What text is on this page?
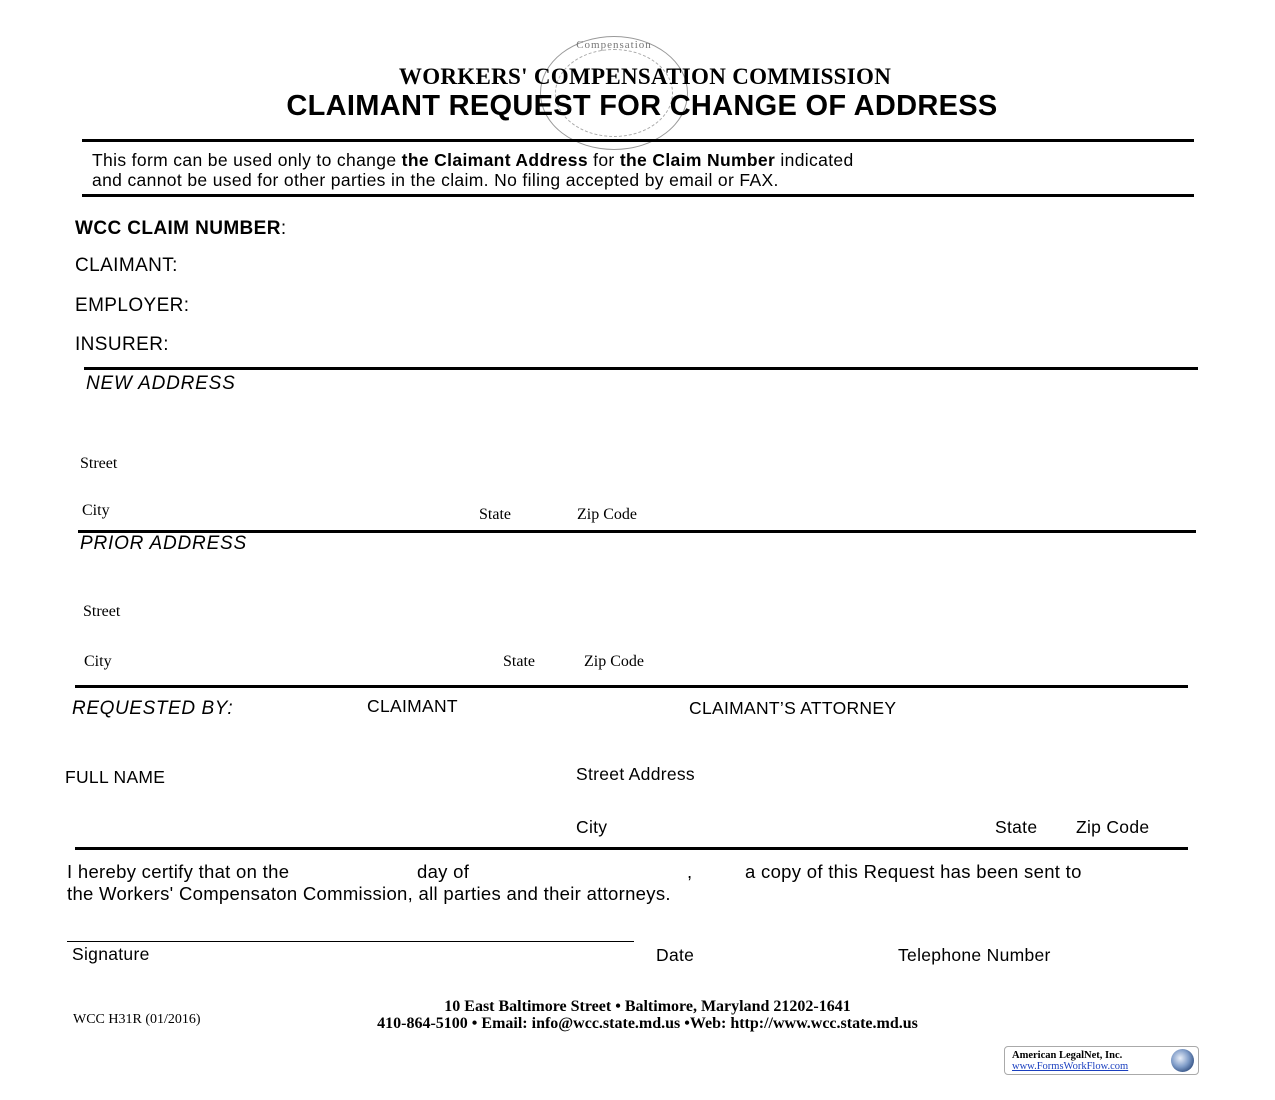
Compensation
WORKERS' COMPENSATION COMMISSION
CLAIMANT REQUEST FOR CHANGE OF ADDRESS
This form can be used only to change the Claimant Address for the Claim Number indicated
and cannot be used for other parties in the claim. No filing accepted by email or FAX.
WCC CLAIM NUMBER:
CLAIMANT:
EMPLOYER:
INSURER:
NEW ADDRESS
Street
City	State	Zip Code
PRIOR ADDRESS
Street
City	State	Zip Code
REQUESTED BY:	CLAIMANT	CLAIMANT’S ATTORNEY
FULL NAME	Street Address
City	State Zip Code
I hereby certify that on the	day of	,	a copy of this Request has been sent to
the Workers' Compensaton Commission, all parties and their attorneys.
Signature	Date	Telephone Number
WCC H31R (01/2016)
10 East Baltimore Street • Baltimore, Maryland 21202-1641
410-864-5100 • Email: info@wcc.state.md.us •Web: http://www.wcc.state.md.us
American LegalNet, Inc.
www.FormsWorkFlow.com
